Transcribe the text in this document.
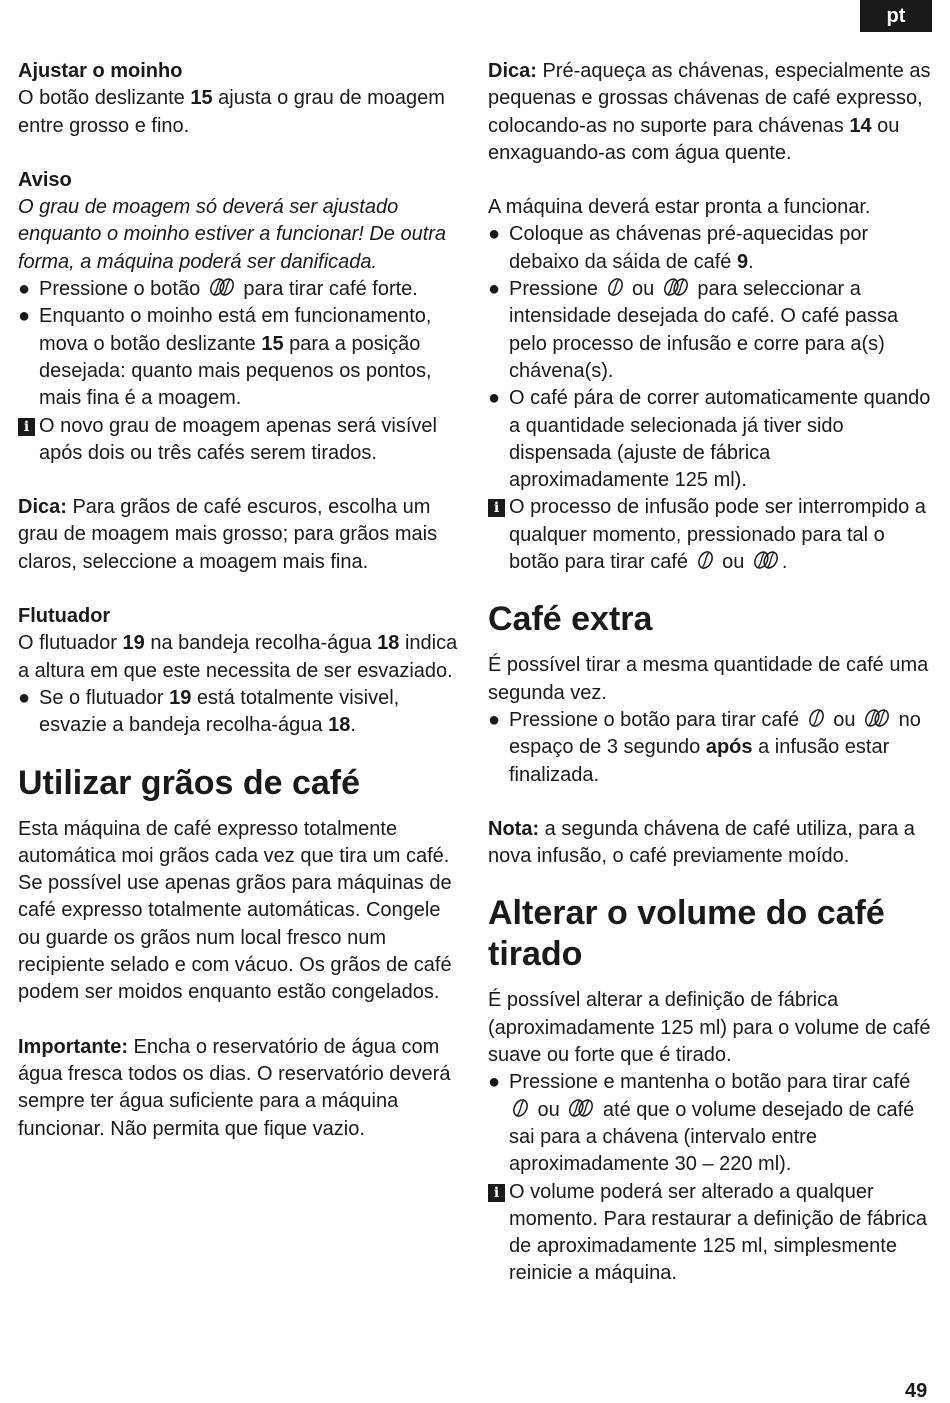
pt

Ajustar o moinho

O botão deslizante 15 ajusta o grau de moagem entre grosso e fino.

Aviso

O grau de moagem só deverá ser ajustado enquanto o moinho estiver a funcionar! De outra forma, a máquina poderá ser danificada.

● Pressione o botão  para tirar café forte.
● Enquanto o moinho está em funcionamento, mova o botão deslizante 15 para a posição desejada: quanto mais pequenos os pontos, mais fina é a moagem.
i O novo grau de moagem apenas será visível após dois ou três cafés serem tirados.

Dica: Para grãos de café escuros, escolha um grau de moagem mais grosso; para grãos mais claros, seleccione a moagem mais fina.

Flutuador

O flutuador 19 na bandeja recolha-água 18 indica a altura em que este necessita de ser esvaziado.

● Se o flutuador 19 está totalmente visivel, esvazie a bandeja recolha-água 18.
Utilizar grãos de café

Esta máquina de café expresso totalmente automática moi grãos cada vez que tira um café. Se possível use apenas grãos para máquinas de café expresso totalmente automáticas. Congele ou guarde os grãos num local fresco num recipiente selado e com vácuo. Os grãos de café podem ser moidos enquanto estão congelados.

Importante: Encha o reservatório de água com água fresca todos os dias. O reservatório deverá sempre ter água suficiente para a máquina funcionar. Não permita que fique vazio.

Dica: Pré-aqueça as chávenas, especialmente as pequenas e grossas chávenas de café expresso, colocando-as no suporte para chávenas 14 ou enxaguando-as com água quente.

A máquina deverá estar pronta a funcionar.

● Coloque as chávenas pré-aquecidas por debaixo da sáida de café 9.
● Pressione  ou  para seleccionar a intensidade desejada do café. O café passa pelo processo de infusão e corre para a(s) chávena(s).
● O café pára de correr automaticamente quando a quantidade selecionada já tiver sido dispensada (ajuste de fábrica aproximadamente 125 ml).
i O processo de infusão pode ser interrompido a qualquer momento, pressionado para tal o botão para tirar café  ou .
Café extra

É possível tirar a mesma quantidade de café uma segunda vez.

● Pressione o botão para tirar café  ou  no espaço de 3 segundo após a infusão estar finalizada.

Nota: a segunda chávena de café utiliza, para a nova infusão, o café previamente moído.

Alterar o volume do café tirado

É possível alterar a definição de fábrica (aproximadamente 125 ml) para o volume de café suave ou forte que é tirado.

● Pressione e mantenha o botão para tirar café  ou  até que o volume desejado de café sai para a chávena (intervalo entre aproximadamente 30 – 220 ml).
i O volume poderá ser alterado a qualquer momento. Para restaurar a definição de fábrica de aproximadamente 125 ml, simplesmente reinicie a máquina.
49
